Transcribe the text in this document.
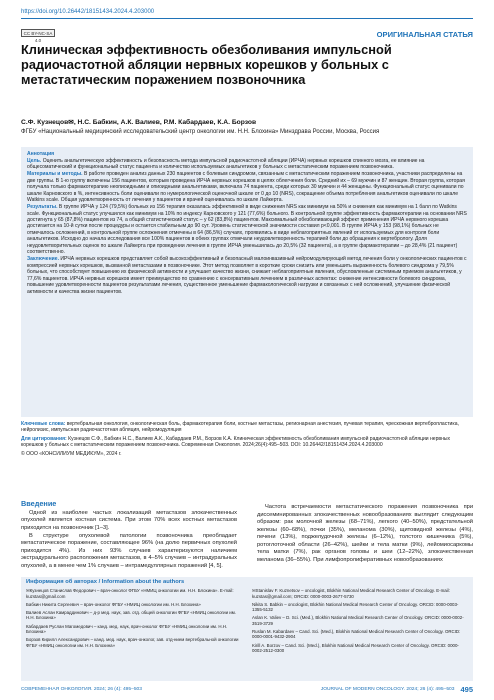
https://doi.org/10.26442/18151434.2024.4.203000
CC BY-NC-SA 4.0
ОРИГИНАЛЬНАЯ СТАТЬЯ
Клиническая эффективность обезболивания импульсной радиочастотной абляции нервных корешков у больных с метастатическим поражением позвоночника
С.Ф. Кузнецов✉, Н.С. Бабкин, А.К. Валиев, Р.М. Кабардаев, К.А. Борзов
ФГБУ «Национальный медицинский исследовательский центр онкологии им. Н.Н. Блохина» Минздрава России, Москва, Россия

Аннотация

Цель. Оценить анальгетическую эффективность и безопасность метода импульсной радиочастотной абляции (ИРЧА) нервных корешков спинного мозга, ее влияние на общесоматический и функциональный статус пациента и количество используемых анальгетиков у больных с метастатическим поражением позвоночника.

Материалы и методы. В работе проведен анализ данных 230 пациентов с болевым синдромом, связанным с метастатическим поражением позвоночника, участники распределены на две группы. В 1-ю группу включены 156 пациентов, которым проведена ИРЧА нервных корешков в целях облегчения боли. Средний их – 69 мужчин и 87 женщин. Вторая группа, которая получала только фармакотерапию неопиоидными и опиоидными анальгетиками, включала 74 пациента, среди которых 30 мужчин и 44 женщины. Функциональный статус оценивали по шкале Карновского в %, интенсивность боли оценивали по нумерологической оценочной шкале от 0 до 10 (NRS), сокращение объема потребления анальгетиков оценивали по шкале Watkins scale. Общая удовлетворенность от лечения у пациентов и врачей оценивалась по шкале Лайкерта.

Результаты. В группе ИРЧА у 124 (79,5%) больных из 156 терапия оказалась эффективной в виде снижения NRS как минимум на 50% и снижения как минимум на 1 балл по Watkins scale. Функциональный статус улучшился как минимум на 10% по индексу Карновского у 121 (77,6%) больного. В контрольной группе эффективность фармакотерапии на основании NRS достигнута у 65 (87,8%) пациентов из 74, а общий статистический статус – у 62 (83,8%) пациентов. Максимальный обезболивающий эффект применения ИРЧА нервного корешка достигается на 10-й сутки после процедуры и остается стабильным до 90 сут. Уровень статистической значимости составил p<0,001. В группе ИРЧА у 153 (98,1%) больных не отмечалось осложнений, в контрольной группе осложнения отмечены в 64 (86,5%) случаях, проявились в виде неблагоприятных явлений от используемых для контроля боли анальгетиков. Исходно до начала исследования все 100% пациентов в обеих группах отмечали неудовлетворенность терапией боли до обращения к вертебрологу. Доля неудовлетворительных оценок по шкале Лайкерта при проведении лечения в группе ИРЧА уменьшилась до 20,5% (32 пациента), а в группе фармакотерапии – до 28,4% (21 пациент) соответственно.

Заключение. ИРЧА нервных корешков представляет собой высокоэффективный и безопасный малоинвазивный нейромодулирующий метод лечения боли у онкологических пациентов с компрессией нервных корешков, вызванной метастазами в позвоночнике. Этот метод позволяет в короткие сроки снизить или уменьшить выраженность болевого синдрома у 79,5% больных, что способствует повышению их физической активности и улучшает качество жизни, снижает неблагоприятные явления, обусловленные системным приемом анальгетиков, у 77,6% пациентов. ИРЧА нервных корешков имеет преимущество по сравнению с консервативным лечением в различных аспектах: снижение интенсивности болевого синдрома, повышение удовлетворенности пациентов результатами лечения, существенное уменьшение фармакологической нагрузки и связанных с ней осложнений, улучшение физической активности и качества жизни пациентов.

Ключевые слова: вертебральная онкология, онкологическая боль, фармакотерапия боли, костные метастазы, регионарная анестезия, пучевая терапия, чрескожная вертебропластика, нейролизис, импульсная радиочастотная абляция, нейромодуляция

Для цитирования: Кузнецов С.Ф., Бабкин Н.С., Валиев А.К., Кабардаев Р.М., Борзов К.А. Клиническая эффективность обезболивания импульсной радиочастотной абляции нервных корешков у больных с метастатическим поражением позвоночника. Современная Онкология. 2024;26(4):495–503. DOI: 10.26442/18151434.2024.4.203000

© ООО «КОНСИЛИУМ МЕДИКУМ», 2024 г.

Введение

Одной из наиболее частых локализаций метастазов злокачественных опухолей является костная система. При этом 70% всех костных метастазов приходится на позвоночник [1–3].

В структуре опухолевой патологии позвоночника преобладает метастатическое поражение, составляющее 96% (на долю первичных опухолей приходится 4%). Из них 93% случаев характеризуются наличием экстрадурального расположения метастазов, в 4–5% случаев – интрадуральных опухолей, а в менее чем 1% случаев – интрамедуллярных поражений [4, 5].

Частота встречаемости метастатического поражения позвоночника при диссеминированных злокачественных новообразованиях выглядит следующим образом: рак молочной железы (68–71%), легкого (40–50%), предстательной железы (60–68%), почки (35%), меланома (30%), щитовидной железы (4%), печени (13%), поджелудочной железы (6–12%), толстого кишечника (5%), ротоглоточной области (26–42%), шейки и тела матки (9%), лейомиосаркомы тела матки (7%), рак органов головы и шеи (12–22%), злокачественная меланома (36–55%). При лимфопролиферативных новообразованиях

Информация об авторах / Information about the authors

✉Кузнецов Станислав Федорович – врач-онколог ФГБУ «НМИЦ онкологии им. Н.Н. Блохина». E-mail: kuzstas@gmail.com

Бабкин Никита Сергеевич – врач-онколог ФГБУ «НМИЦ онкологии им. Н.Н. Блохина»

Валиев Аслан Камраддинович – д-р мед. наук, зав. отд. общей онкологии ФГБУ «НМИЦ онкологии им. Н.Н. Блохина»

Кабардаев Руслан Магомедович – канд. мед. наук, врач-онколог ФГБУ «НМИЦ онкологии им. Н.Н. Блохина»

Борзов Кирилл Александрович – канд. мед. наук, врач-онколог, зав. отд-нием вертебральной онкологии ФГБУ «НМИЦ онкологии им. Н.Н. Блохина»

✉Stanislav F. Kuznetsov – oncologist, Blokhin National Medical Research Center of Oncology. E-mail: kuzstas@gmail.com; ORCID: 0000-0003-2677-5730

Nikita S. Babkin – oncologist, Blokhin National Medical Research Center of Oncology. ORCID: 0000-0003-1355-5132

Aslan K. Valiev – D. Sci. (Med.), Blokhin National Medical Research Center of Oncology. ORCID: 0000-0002-3519-3729

Ruslan M. Kabardaev – Cand. Sci. (Med.), Blokhin National Medical Research Center of Oncology. ORCID: 0000-0001-9432-2904

Kirill A. Borzov – Cand. Sci. (Med.), Blokhin National Medical Research Center of Oncology. ORCID: 0000-0002-2512-0300

СОВРЕМЕННАЯ ОНКОЛОГИЯ. 2024; 26 (4): 495–503	JOURNAL OF MODERN ONCOLOGY. 2024; 26 (4): 495–503 495
